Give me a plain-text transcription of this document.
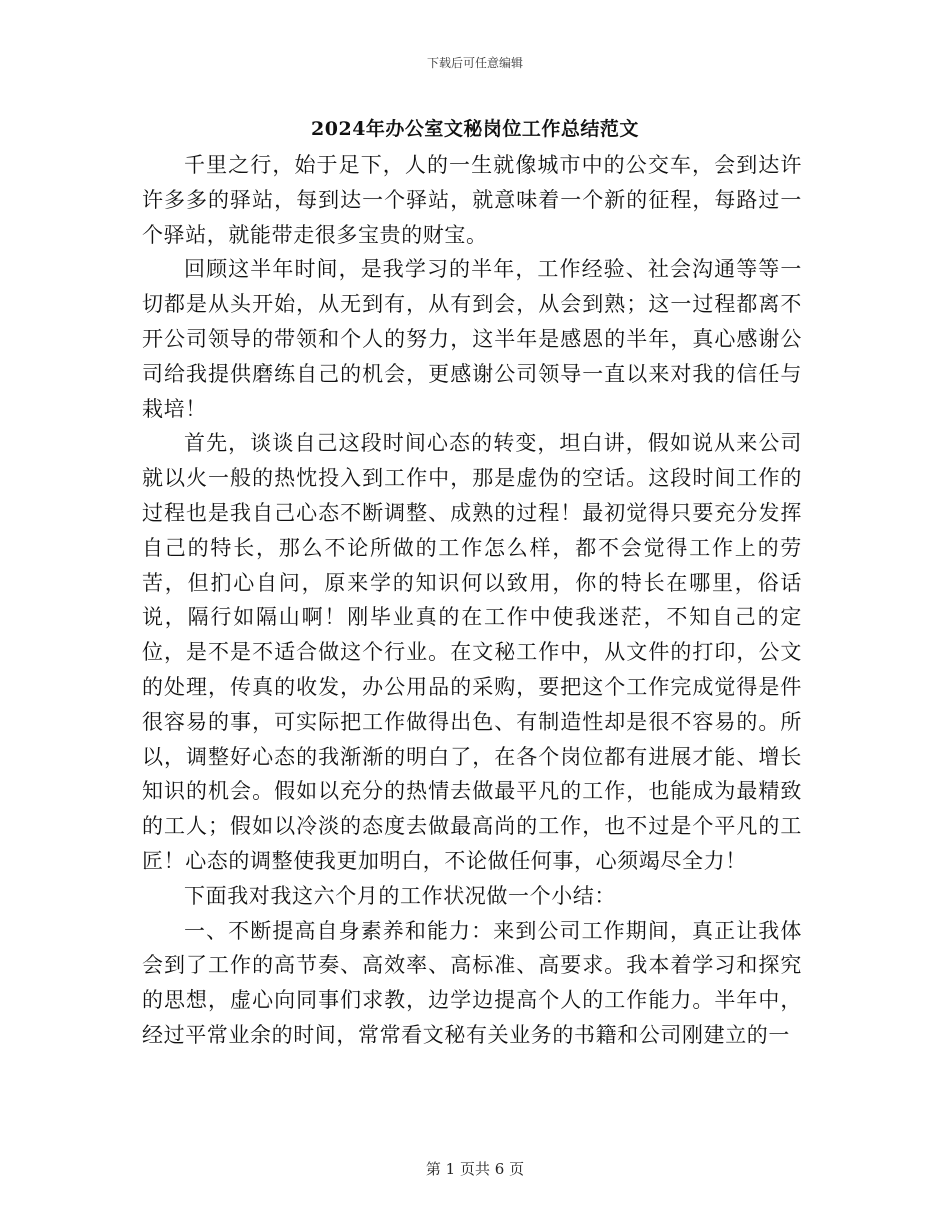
下载后可任意编辑
2024年办公室文秘岗位工作总结范文

千里之行，始于足下，人的一生就像城市中的公交车，会到达许许多多的驿站，每到达一个驿站，就意味着一个新的征程，每路过一个驿站，就能带走很多宝贵的财宝。

回顾这半年时间，是我学习的半年，工作经验、社会沟通等等一切都是从头开始，从无到有，从有到会，从会到熟；这一过程都离不开公司领导的带领和个人的努力，这半年是感恩的半年，真心感谢公司给我提供磨练自己的机会，更感谢公司领导一直以来对我的信任与栽培！

首先，谈谈自己这段时间心态的转变，坦白讲，假如说从来公司就以火一般的热忱投入到工作中，那是虚伪的空话。这段时间工作的过程也是我自己心态不断调整、成熟的过程！最初觉得只要充分发挥自己的特长，那么不论所做的工作怎么样，都不会觉得工作上的劳苦，但扪心自问，原来学的知识何以致用，你的特长在哪里，俗话说，隔行如隔山啊！刚毕业真的在工作中使我迷茫，不知自己的定位，是不是不适合做这个行业。在文秘工作中，从文件的打印，公文的处理，传真的收发，办公用品的采购，要把这个工作完成觉得是件很容易的事，可实际把工作做得出色、有制造性却是很不容易的。所以，调整好心态的我渐渐的明白了，在各个岗位都有进展才能、增长知识的机会。假如以充分的热情去做最平凡的工作，也能成为最精致的工人；假如以冷淡的态度去做最高尚的工作，也不过是个平凡的工匠！心态的调整使我更加明白，不论做任何事，心须竭尽全力！

下面我对我这六个月的工作状况做一个小结：

一、不断提高自身素养和能力：来到公司工作期间，真正让我体会到了工作的高节奏、高效率、高标准、高要求。我本着学习和探究的思想，虚心向同事们求教，边学边提高个人的工作能力。半年中，经过平常业余的时间，常常看文秘有关业务的书籍和公司刚建立的一

第 1 页共 6 页
